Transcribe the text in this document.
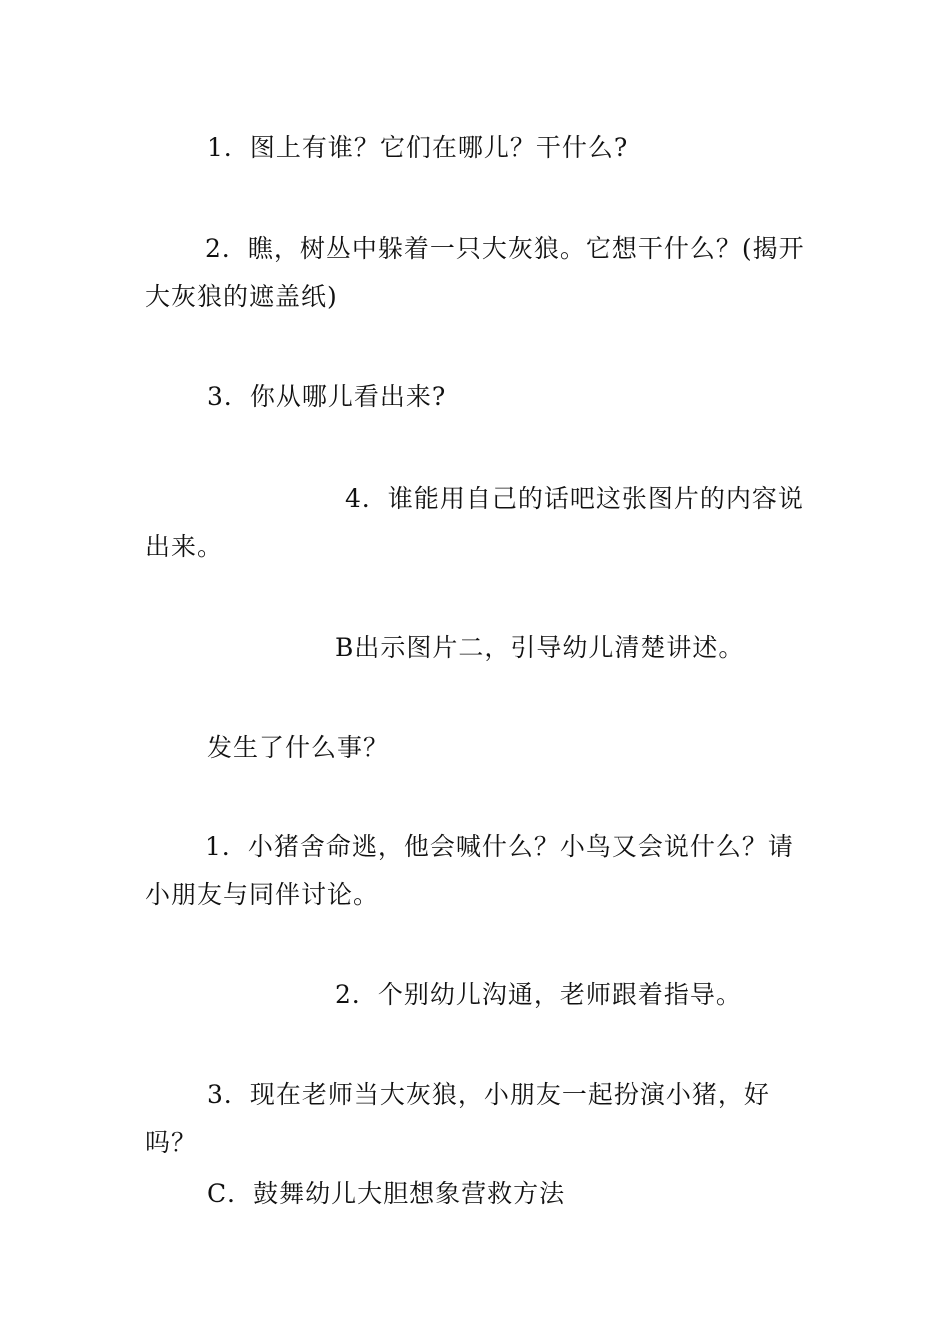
1．图上有谁？它们在哪儿？干什么?

2．瞧，树丛中躲着一只大灰狼。它想干什么？(揭开大灰狼的遮盖纸)

3．你从哪儿看出来?

4．谁能用自己的话吧这张图片的内容说出来。

B出示图片二，引导幼儿清楚讲述。

发生了什么事？

1．小猪舍命逃，他会喊什么？小鸟又会说什么？请小朋友与同伴讨论。

2．个别幼儿沟通，老师跟着指导。

3．现在老师当大灰狼，小朋友一起扮演小猪，好吗？

C．鼓舞幼儿大胆想象营救方法
